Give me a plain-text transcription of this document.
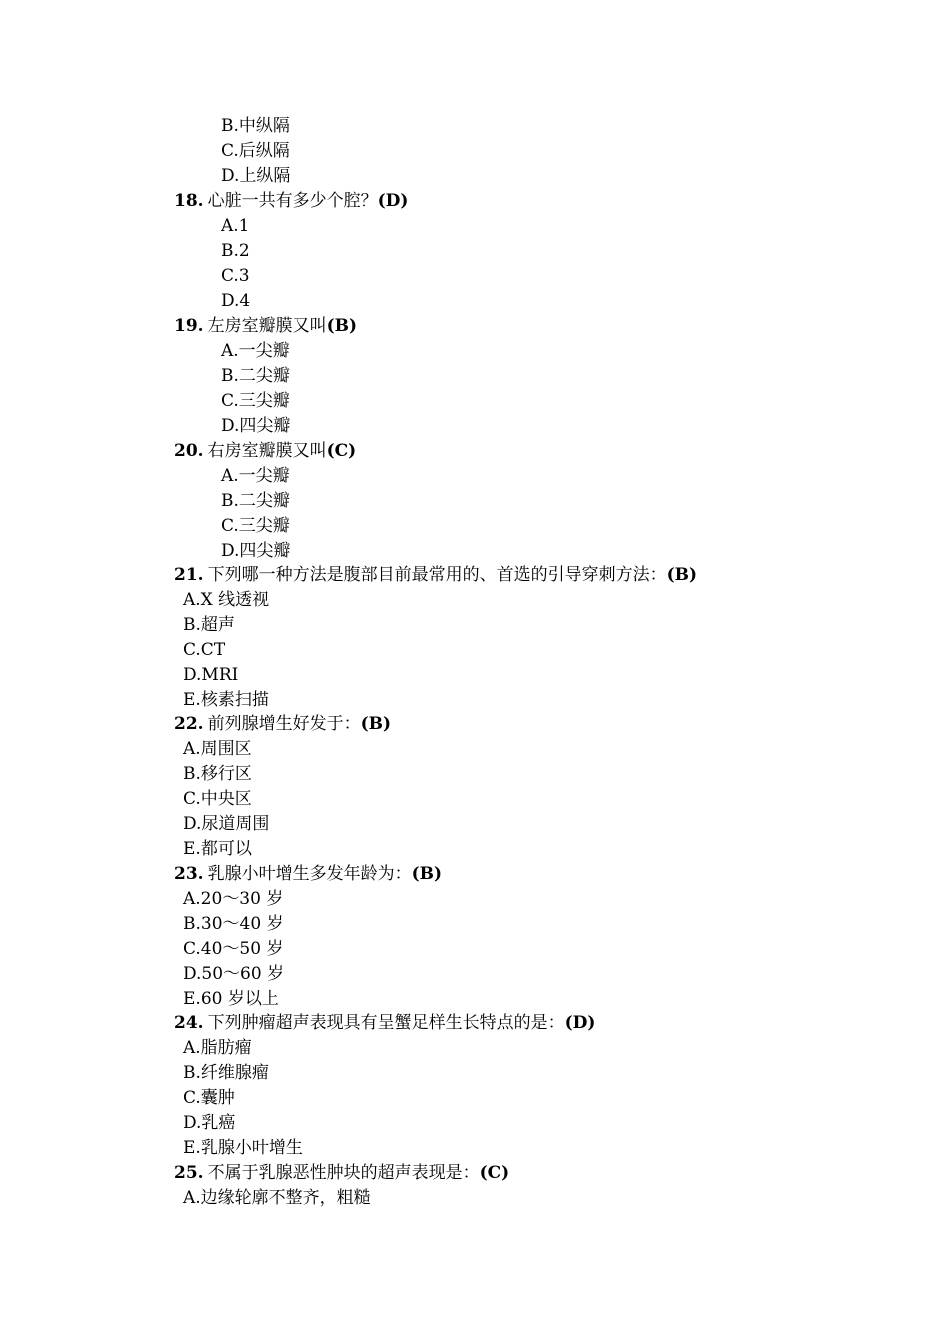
B.中纵隔
C.后纵隔
D.上纵隔
18. 心脏一共有多少个腔？(D)
A.1
B.2
C.3
D.4
19. 左房室瓣膜又叫(B)
A.一尖瓣
B.二尖瓣
C.三尖瓣
D.四尖瓣
20. 右房室瓣膜又叫(C)
A.一尖瓣
B.二尖瓣
C.三尖瓣
D.四尖瓣
21. 下列哪一种方法是腹部目前最常用的、首选的引导穿刺方法：(B)
A.X 线透视
B.超声
C.CT
D.MRI
E.核素扫描
22. 前列腺增生好发于：(B)
A.周围区
B.移行区
C.中央区
D.尿道周围
E.都可以
23. 乳腺小叶增生多发年龄为：(B)
A.20～30 岁
B.30～40 岁
C.40～50 岁
D.50～60 岁
E.60 岁以上
24. 下列肿瘤超声表现具有呈蟹足样生长特点的是：(D)
A.脂肪瘤
B.纤维腺瘤
C.囊肿
D.乳癌
E.乳腺小叶增生
25. 不属于乳腺恶性肿块的超声表现是：(C)
A.边缘轮廓不整齐，粗糙
